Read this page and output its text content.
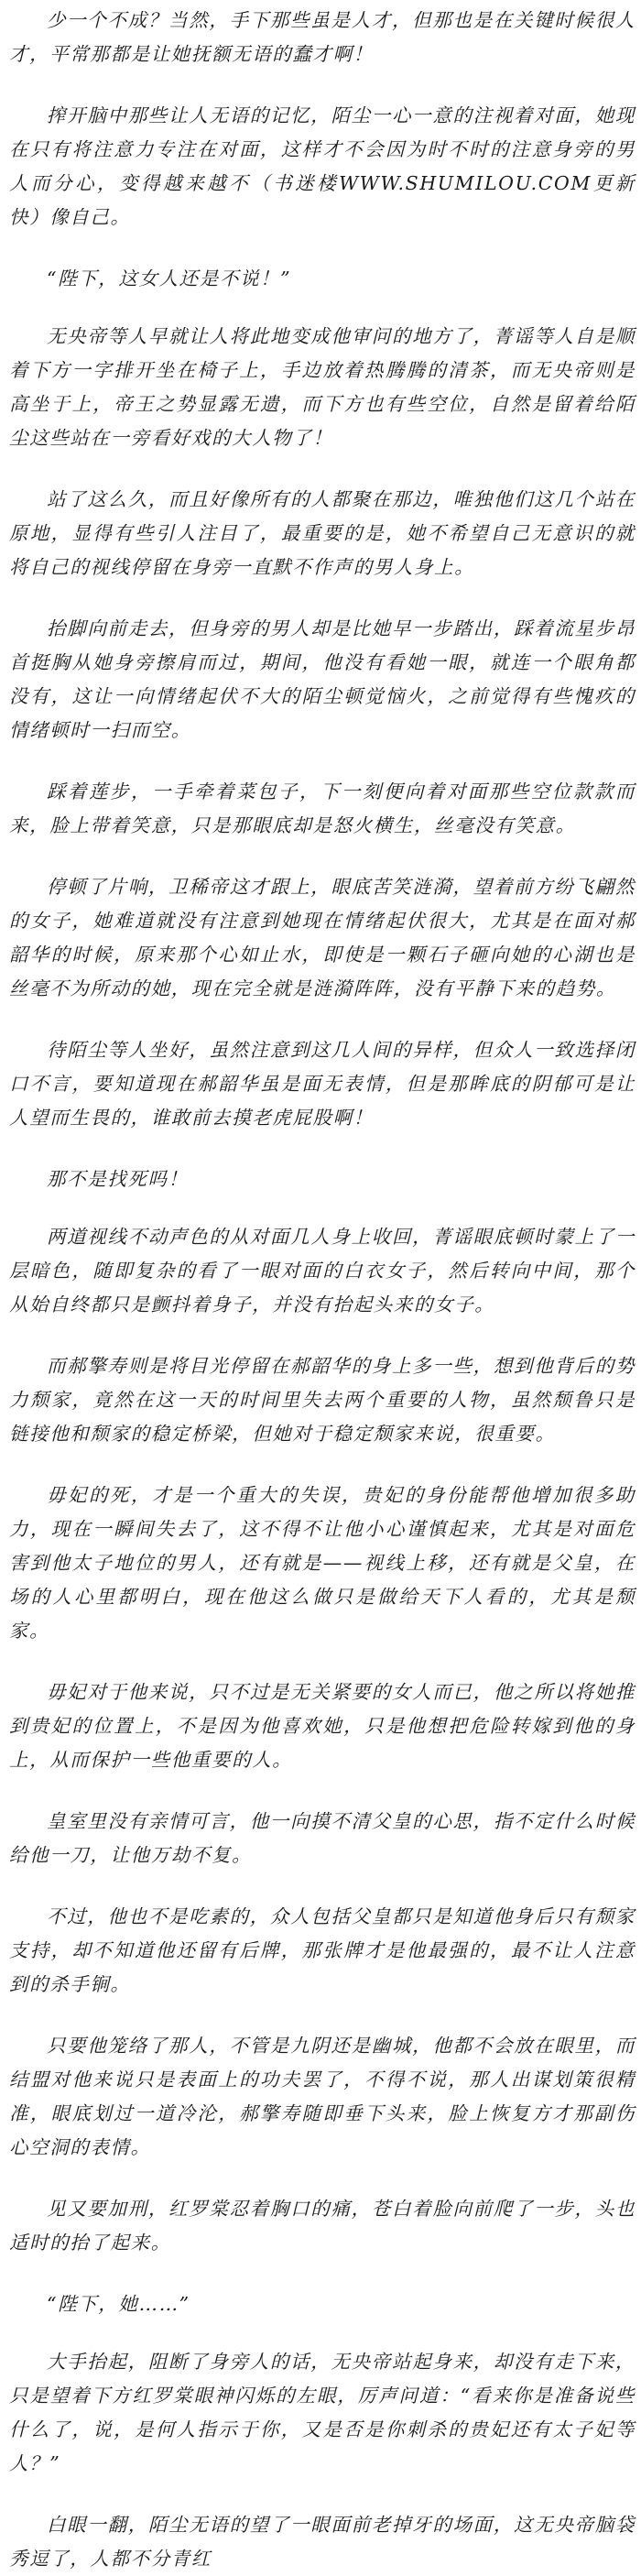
少一个不成？当然，手下那些虽是人才，但那也是在关键时候很人才，平常那都是让她抚额无语的蠢才啊！

搾开脑中那些让人无语的记忆，陌尘一心一意的注视着对面，她现在只有将注意力专注在对面，这样才不会因为时不时的注意身旁的男人而分心，变得越来越不（书迷楼WWW.SHUMILOU.COM更新快）像自己。

“陛下，这女人还是不说！”

无央帝等人早就让人将此地变成他审问的地方了，菁谣等人自是顺着下方一字排开坐在椅子上，手边放着热腾腾的清茶，而无央帝则是高坐于上，帝王之势显露无遗，而下方也有些空位，自然是留着给陌尘这些站在一旁看好戏的大人物了！

站了这么久，而且好像所有的人都聚在那边，唯独他们这几个站在原地，显得有些引人注目了，最重要的是，她不希望自己无意识的就将自己的视线停留在身旁一直默不作声的男人身上。

抬脚向前走去，但身旁的男人却是比她早一步踏出，踩着流星步昂首挺胸从她身旁擦肩而过，期间，他没有看她一眼，就连一个眼角都没有，这让一向情绪起伏不大的陌尘顿觉恼火，之前觉得有些愧疚的情绪顿时一扫而空。

踩着莲步，一手牵着菜包子，下一刻便向着对面那些空位款款而来，脸上带着笑意，只是那眼底却是怒火横生，丝毫没有笑意。

停顿了片响，卫稀帝这才跟上，眼底苦笑涟漪，望着前方纷飞翩然的女子，她难道就没有注意到她现在情绪起伏很大，尤其是在面对郝韶华的时候，原来那个心如止水，即使是一颗石子砸向她的心湖也是丝毫不为所动的她，现在完全就是涟漪阵阵，没有平静下来的趋势。

待陌尘等人坐好，虽然注意到这几人间的异样，但众人一致选择闭口不言，要知道现在郝韶华虽是面无表情，但是那眸底的阴郁可是让人望而生畏的，谁敢前去摸老虎屁股啊！

那不是找死吗！

两道视线不动声色的从对面几人身上收回，菁谣眼底顿时蒙上了一层暗色，随即复杂的看了一眼对面的白衣女子，然后转向中间，那个从始自终都只是颤抖着身子，并没有抬起头来的女子。

而郝擎寿则是将目光停留在郝韶华的身上多一些，想到他背后的势力颓家，竟然在这一天的时间里失去两个重要的人物，虽然颓鲁只是链接他和颓家的稳定桥梁，但她对于稳定颓家来说，很重要。

毋妃的死，才是一个重大的失误，贵妃的身份能帮他增加很多助力，现在一瞬间失去了，这不得不让他小心谨慎起来，尤其是对面危害到他太子地位的男人，还有就是——视线上移，还有就是父皇，在场的人心里都明白，现在他这么做只是做给天下人看的，尤其是颓家。

毋妃对于他来说，只不过是无关紧要的女人而已，他之所以将她推到贵妃的位置上，不是因为他喜欢她，只是他想把危险转嫁到他的身上，从而保护一些他重要的人。

皇室里没有亲情可言，他一向摸不清父皇的心思，指不定什么时候给他一刀，让他万劫不复。

不过，他也不是吃素的，众人包括父皇都只是知道他身后只有颓家支持，却不知道他还留有后牌，那张牌才是他最强的，最不让人注意到的杀手锏。

只要他笼络了那人，不管是九阴还是幽城，他都不会放在眼里，而结盟对他来说只是表面上的功夫罢了，不得不说，那人出谋划策很精准，眼底划过一道冷沦，郝擎寿随即垂下头来，脸上恢复方才那副伤心空洞的表情。

见又要加刑，红罗棠忍着胸口的痛，苍白着脸向前爬了一步，头也适时的抬了起来。

“陛下，她……”

大手抬起，阻断了身旁人的话，无央帝站起身来，却没有走下来，只是望着下方红罗棠眼神闪烁的左眼，厉声问道：“看来你是准备说些什么了，说，是何人指示于你，又是否是你刺杀的贵妃还有太子妃等人？”

白眼一翻，陌尘无语的望了一眼面前老掉牙的场面，这无央帝脑袋秀逗了，人都不分青红
